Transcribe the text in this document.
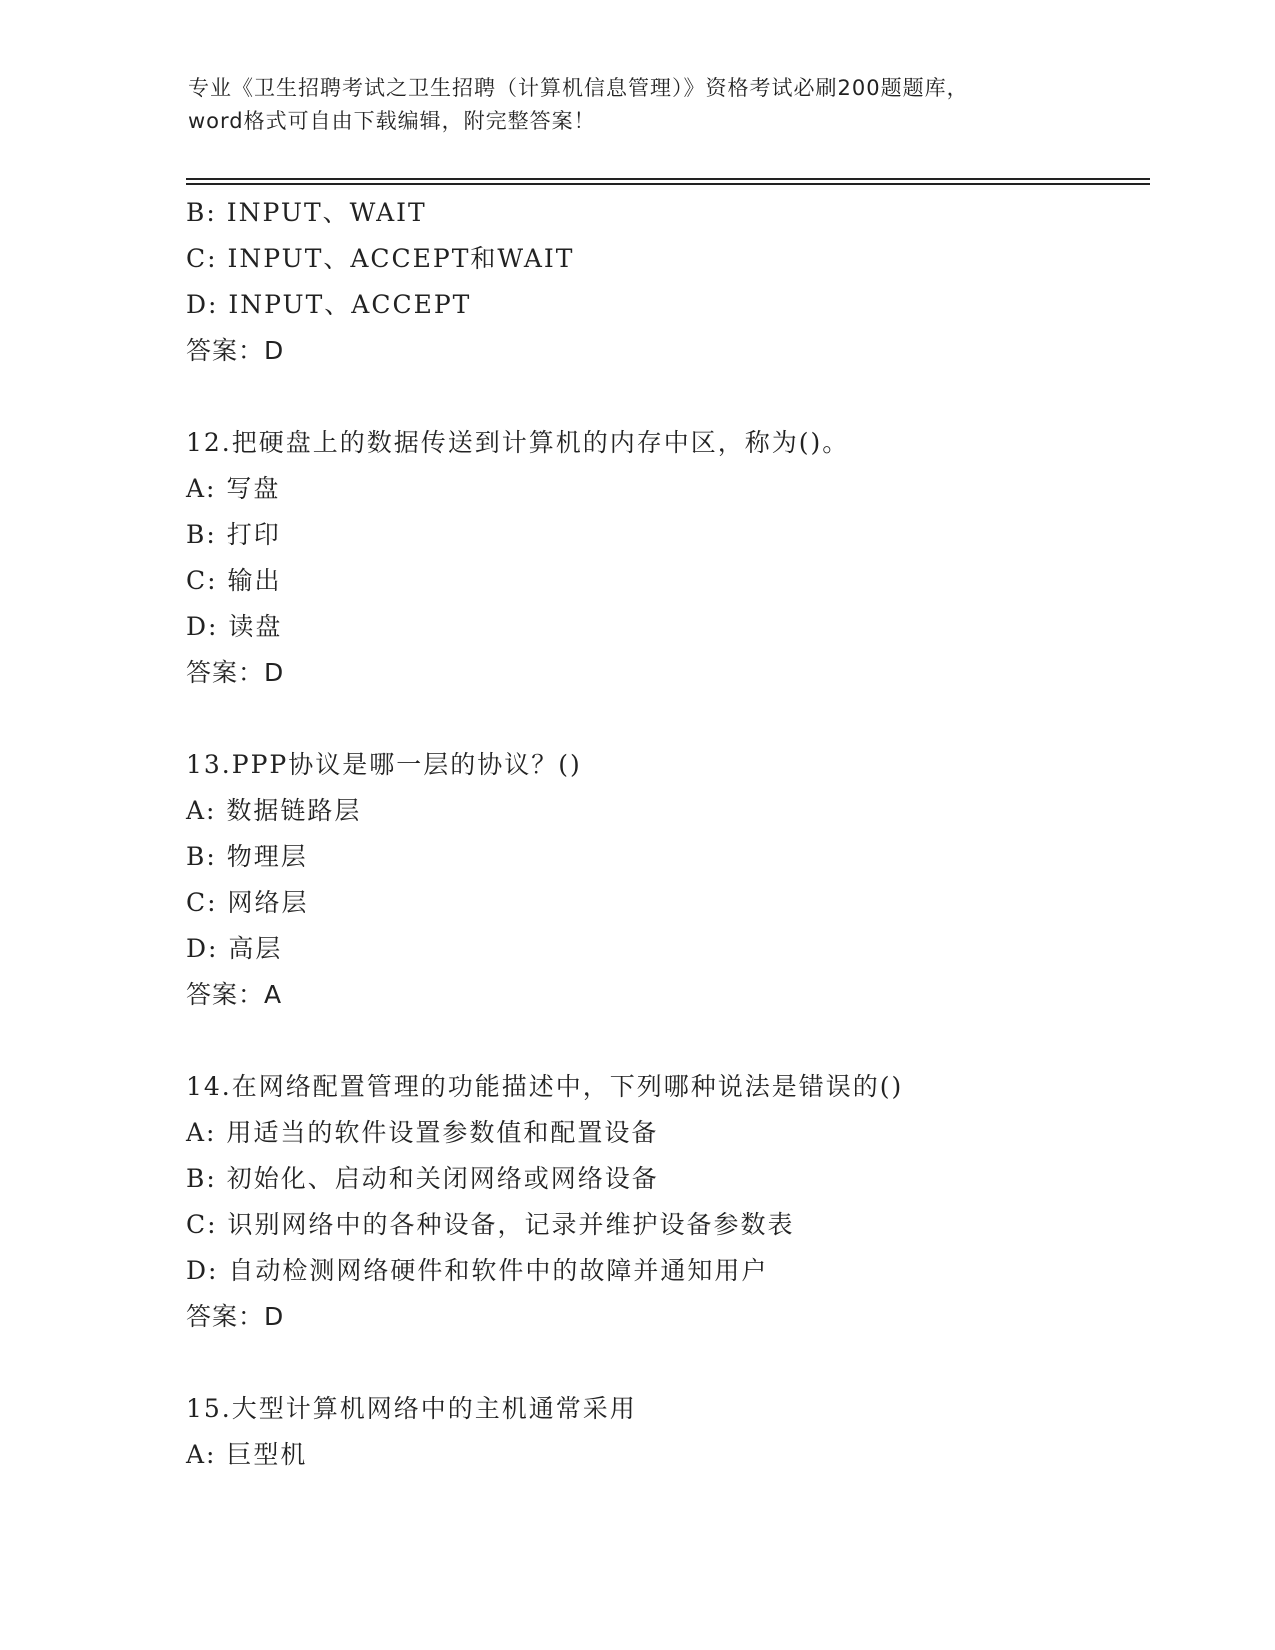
专业《卫生招聘考试之卫生招聘（计算机信息管理）》资格考试必刷200题题库，
word格式可自由下载编辑，附完整答案！
B: INPUT、WAIT
C: INPUT、ACCEPT和WAIT
D: INPUT、ACCEPT
答案：D
12.把硬盘上的数据传送到计算机的内存中区，称为()。
A: 写盘
B: 打印
C: 输出
D: 读盘
答案：D
13.PPP协议是哪一层的协议？()
A: 数据链路层
B: 物理层
C: 网络层
D: 高层
答案：A
14.在网络配置管理的功能描述中，下列哪种说法是错误的()
A: 用适当的软件设置参数值和配置设备
B: 初始化、启动和关闭网络或网络设备
C: 识别网络中的各种设备，记录并维护设备参数表
D: 自动检测网络硬件和软件中的故障并通知用户
答案：D
15.大型计算机网络中的主机通常采用
A: 巨型机
